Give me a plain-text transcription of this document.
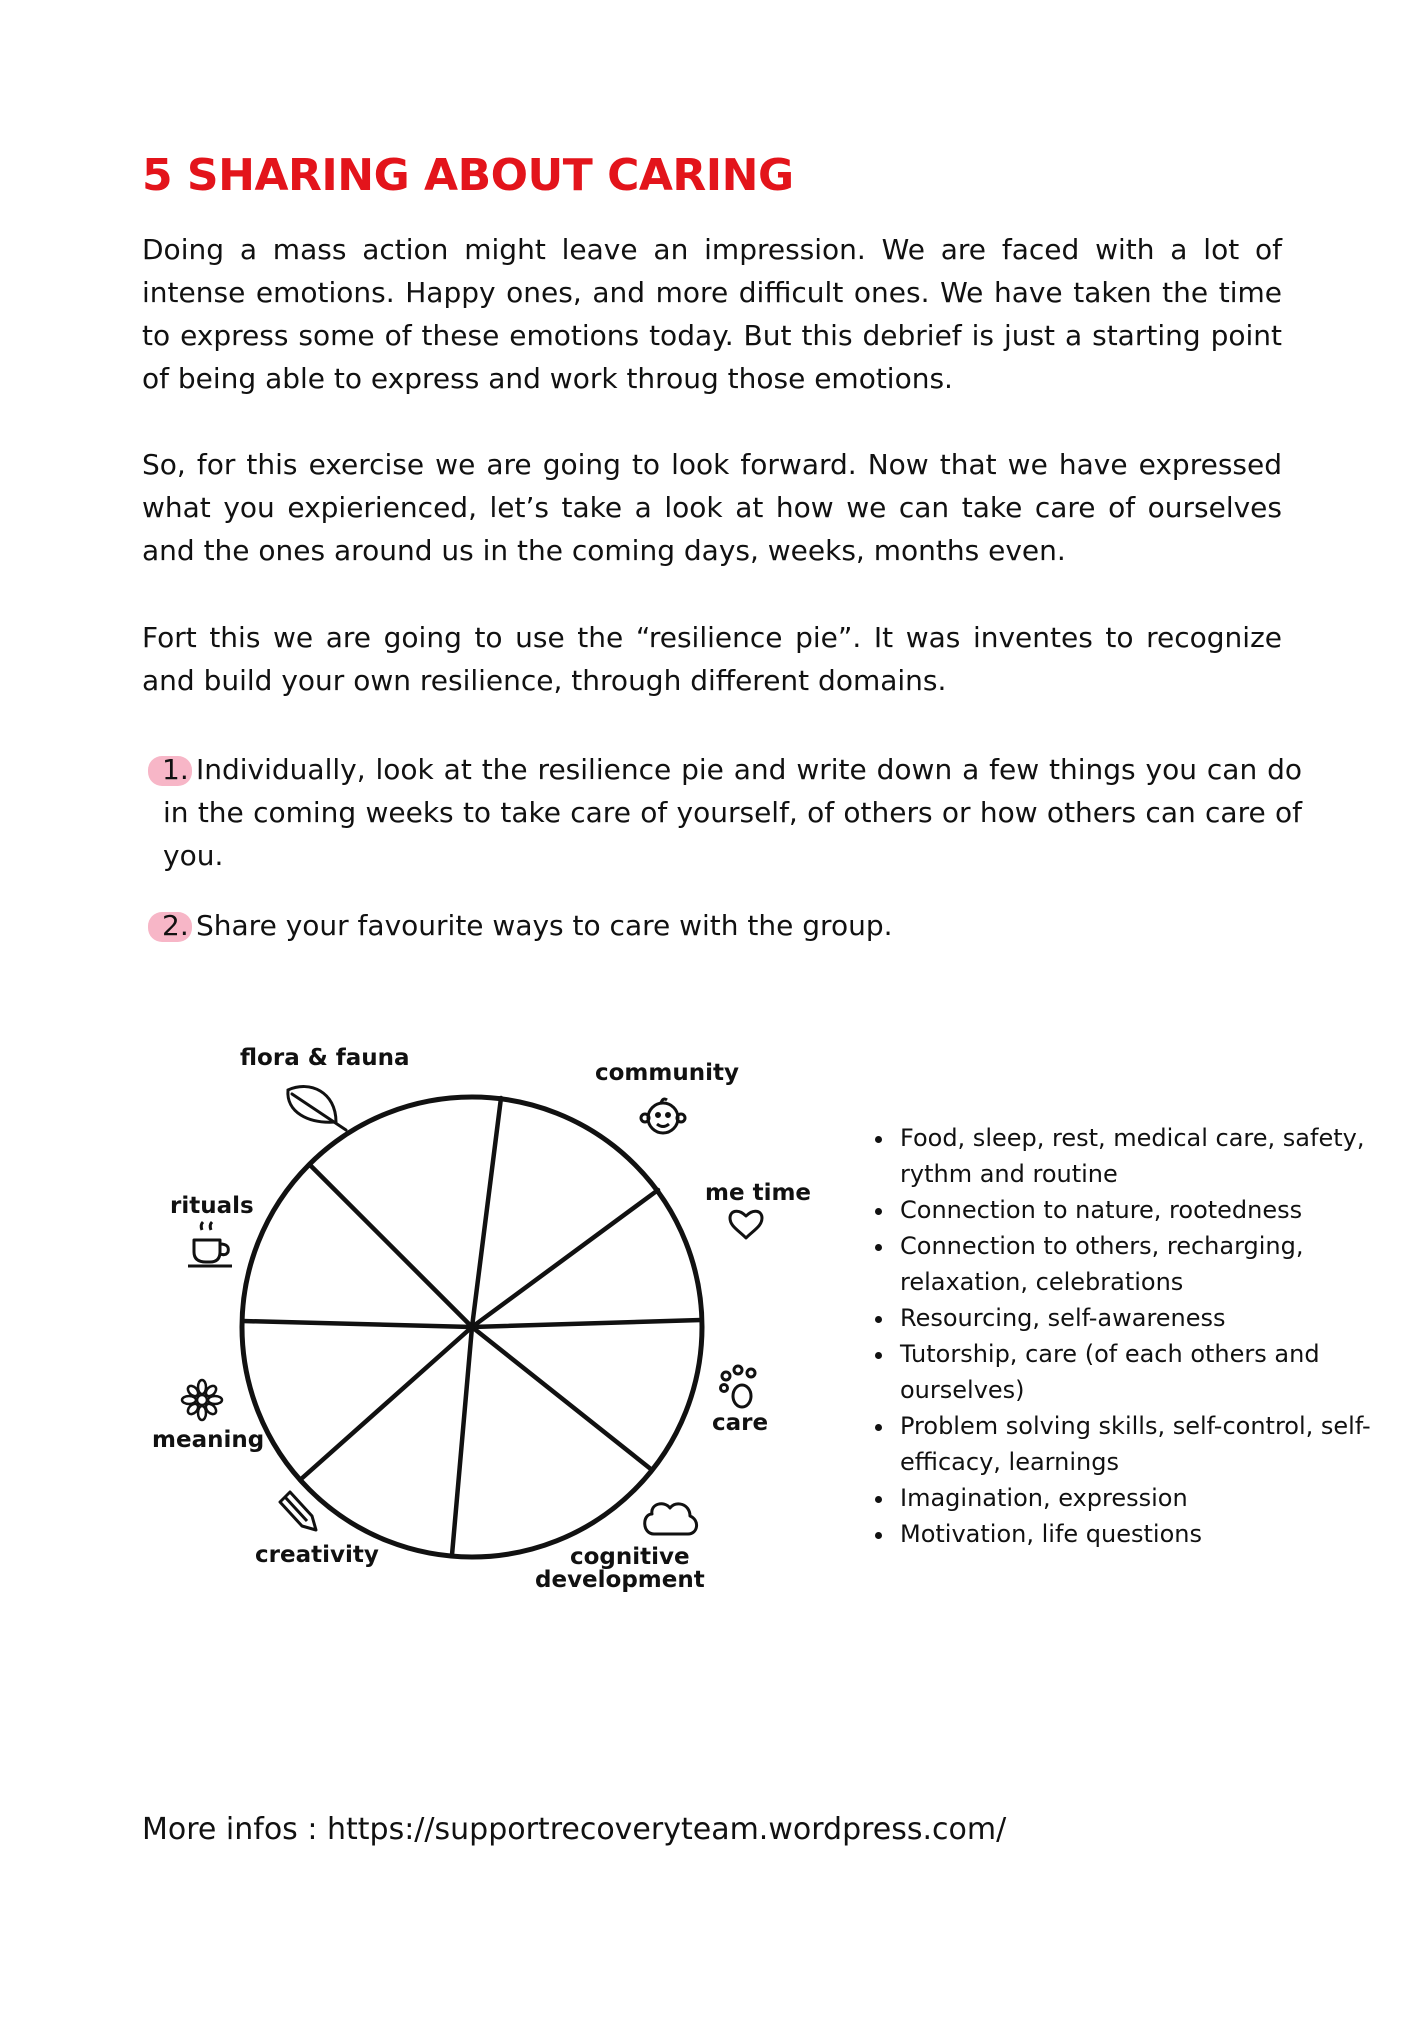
5 SHARING ABOUT CARING

Doing a mass action might leave an impression. We are faced with a lot of intense emotions. Happy ones, and more difficult ones. We have taken the time to express some of these emotions today. But this debrief is just a starting point of being able to express and work throug those emotions.

So, for this exercise we are going to look forward. Now that we have expressed what you expierienced, let’s take a look at how we can take care of ourselves and the ones around us in the coming days, weeks, months even.

Fort this we are going to use the “resilience pie”. It was inventes to recognize and build your own resilience, through different domains.

1. Individually, look at the resilience pie and write down a few things you can do in the coming weeks to take care of yourself, of others or how others can care of you.
2. Share your favourite ways to care with the group.
flora & fauna
community
me time
care
cognitive
development
creativity
meaning
rituals
• Food, sleep, rest, medical care, safety, rythm and routine
• Connection to nature, rootedness
• Connection to others, recharging, relaxation, celebrations
• Resourcing, self-awareness
• Tutorship, care (of each others and ourselves)
• Problem solving skills, self-control, self-efficacy, learnings
• Imagination, expression
• Motivation, life questions
More infos : https://supportrecoveryteam.wordpress.com/
